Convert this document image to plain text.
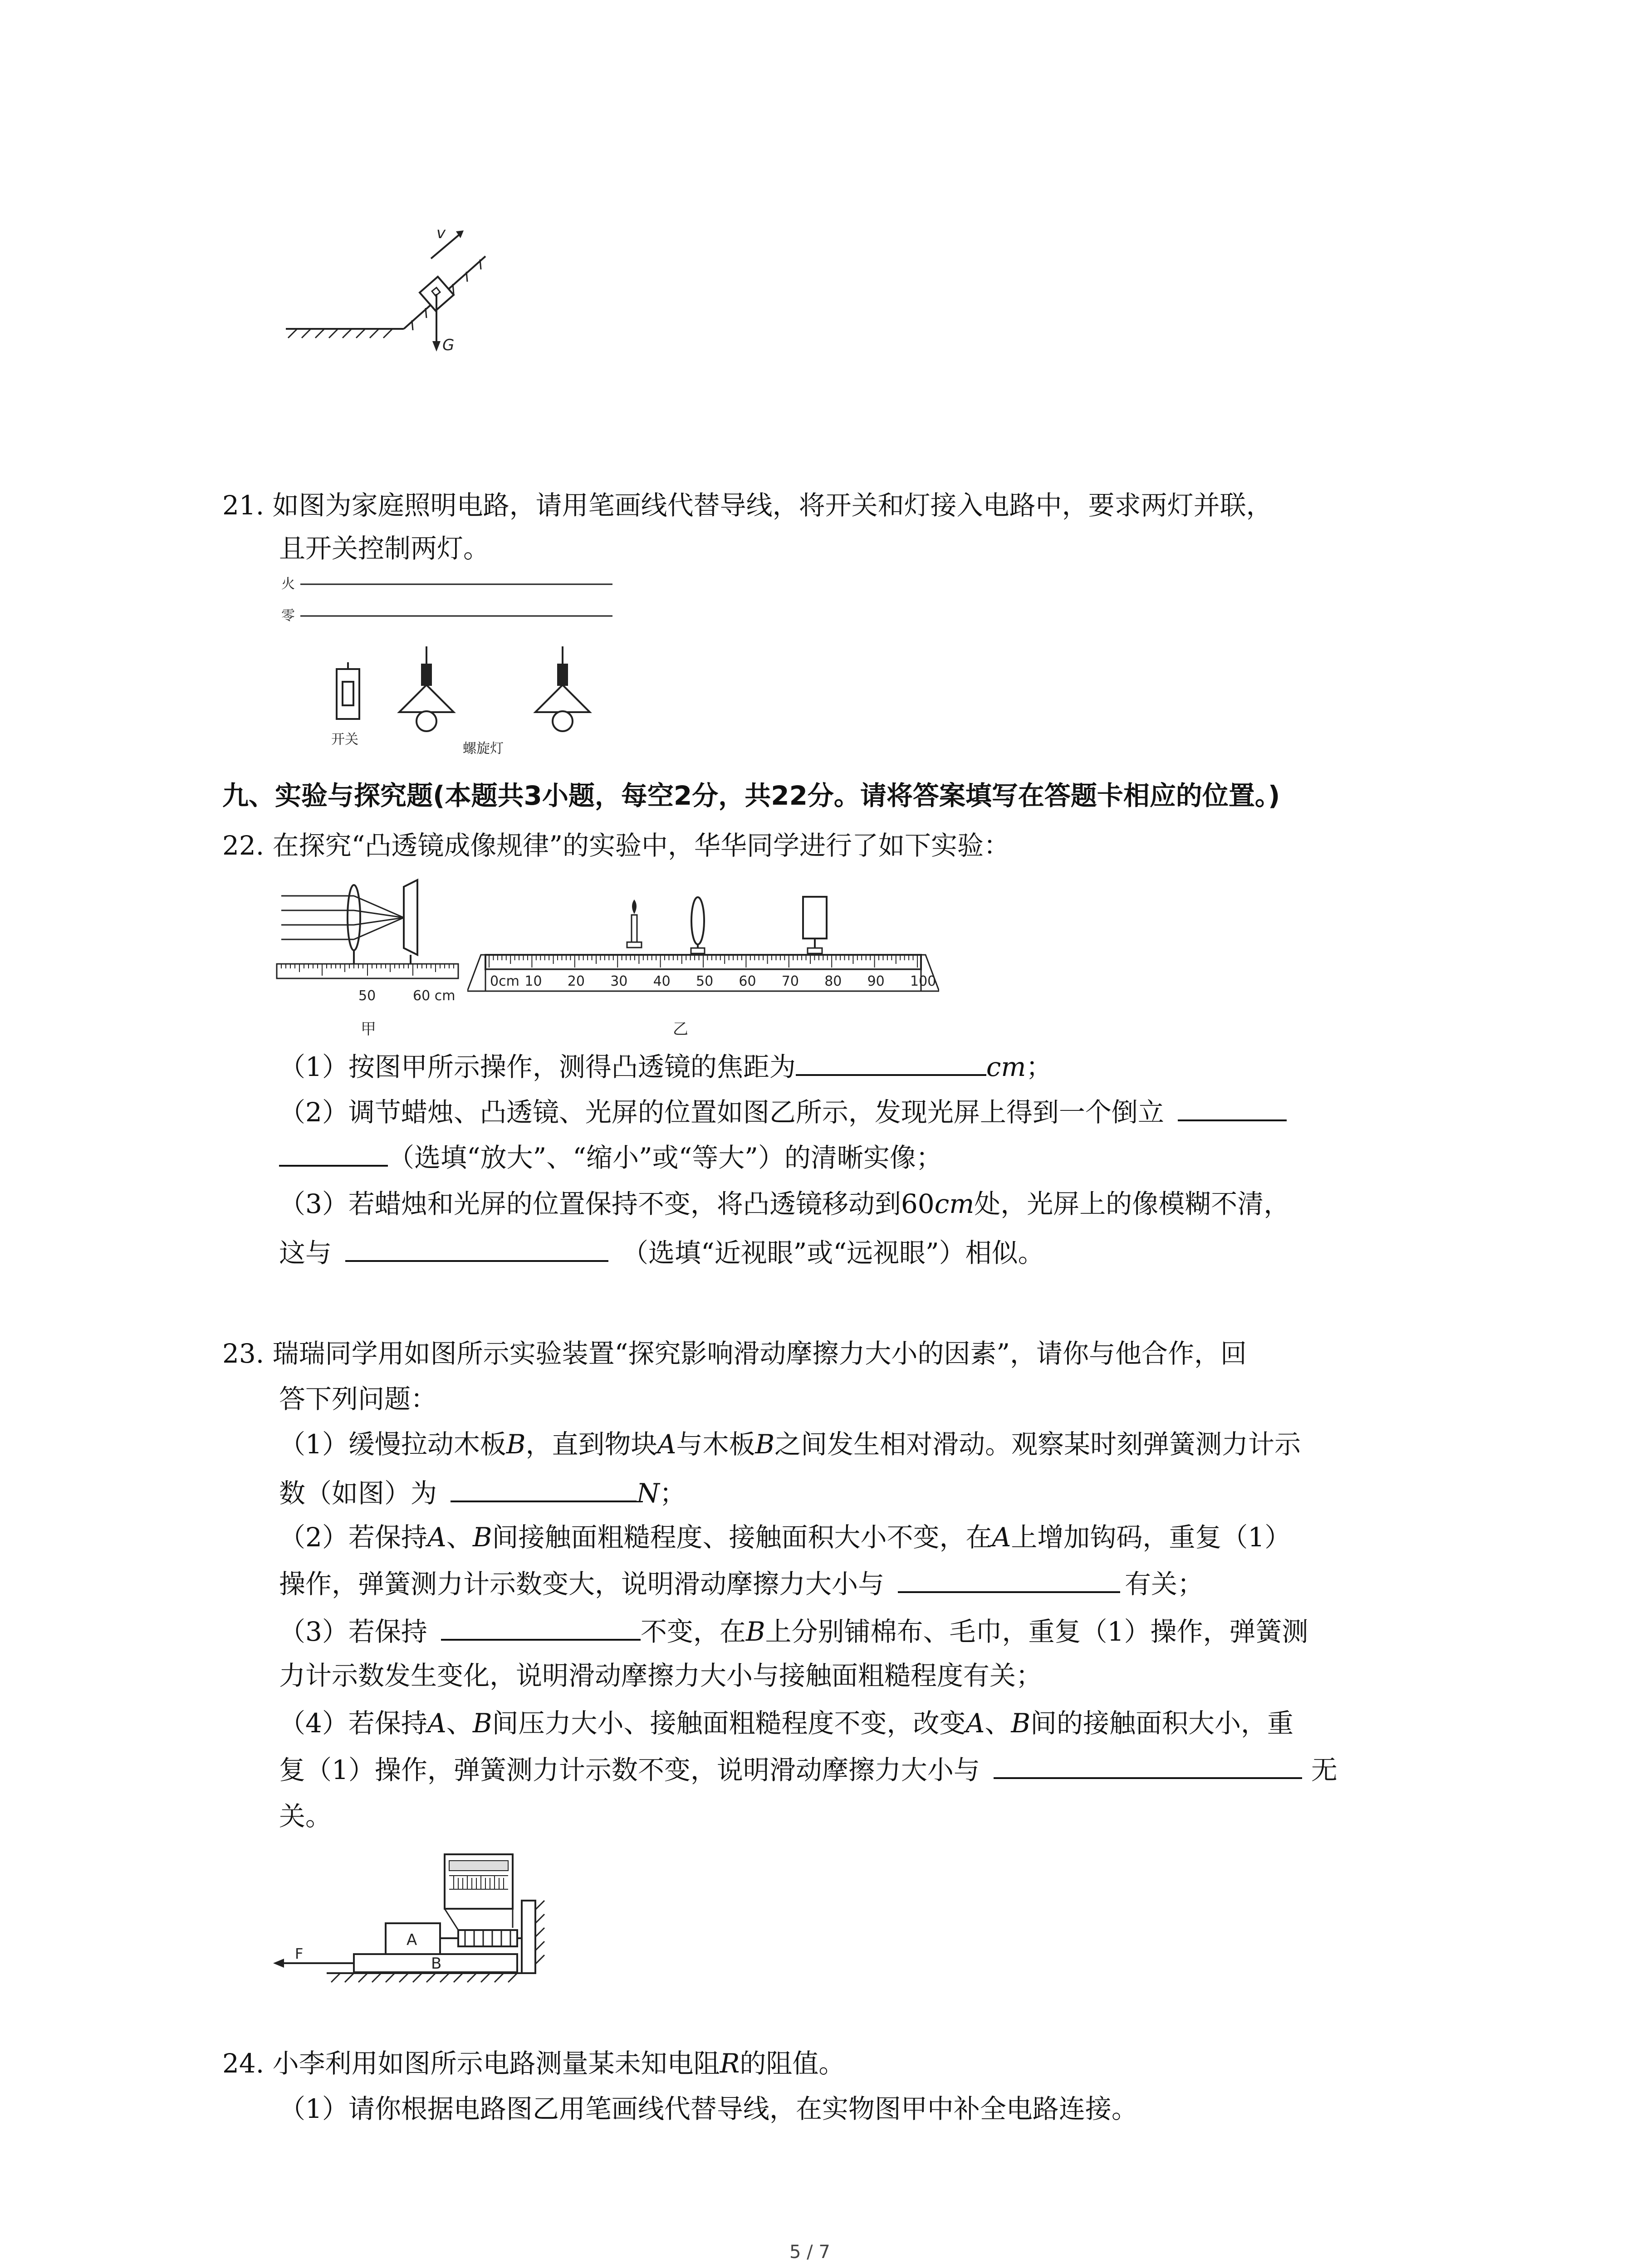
G
v
21. 如图为家庭照明电路，请用笔画线代替导线，将开关和灯接入电路中，要求两灯并联，
且开关控制两灯。
火
零
开关
螺旋灯
九、实验与探究题(本题共3小题，每空2分，共22分。请将答案填写在答题卡相应的位置。)
22. 在探究“凸透镜成像规律”的实验中，华华同学进行了如下实验：
50	60 cm
甲
0cm 10 20 30 40 50 60 70 80 90 100
乙
（1）按图甲所示操作，测得凸透镜的焦距为	cm；
（2）调节蜡烛、凸透镜、光屏的位置如图乙所示，发现光屏上得到一个倒立
（选填“放大”、“缩小”或“等大”）的清晰实像；
（3）若蜡烛和光屏的位置保持不变，将凸透镜移动到60cm处，光屏上的像模糊不清，
这与	（选填“近视眼”或“远视眼”）相似。
23. 瑞瑞同学用如图所示实验装置“探究影响滑动摩擦力大小的因素”，请你与他合作，回
答下列问题：
（1）缓慢拉动木板B，直到物块A与木板B之间发生相对滑动。观察某时刻弹簧测力计示
数（如图）为	N；
（2）若保持A、B间接触面粗糙程度、接触面积大小不变，在A上增加钩码，重复（1）
操作，弹簧测力计示数变大，说明滑动摩擦力大小与	有关；
（3）若保持	不变，在B上分别铺棉布、毛巾，重复（1）操作，弹簧测
力计示数发生变化，说明滑动摩擦力大小与接触面粗糙程度有关；
（4）若保持A、B间压力大小、接触面粗糙程度不变，改变A、B间的接触面积大小，重
复（1）操作，弹簧测力计示数不变，说明滑动摩擦力大小与	无
关。
A
B
F
24. 小李利用如图所示电路测量某未知电阻R的阻值。
（1）请你根据电路图乙用笔画线代替导线，在实物图甲中补全电路连接。
5 / 7
